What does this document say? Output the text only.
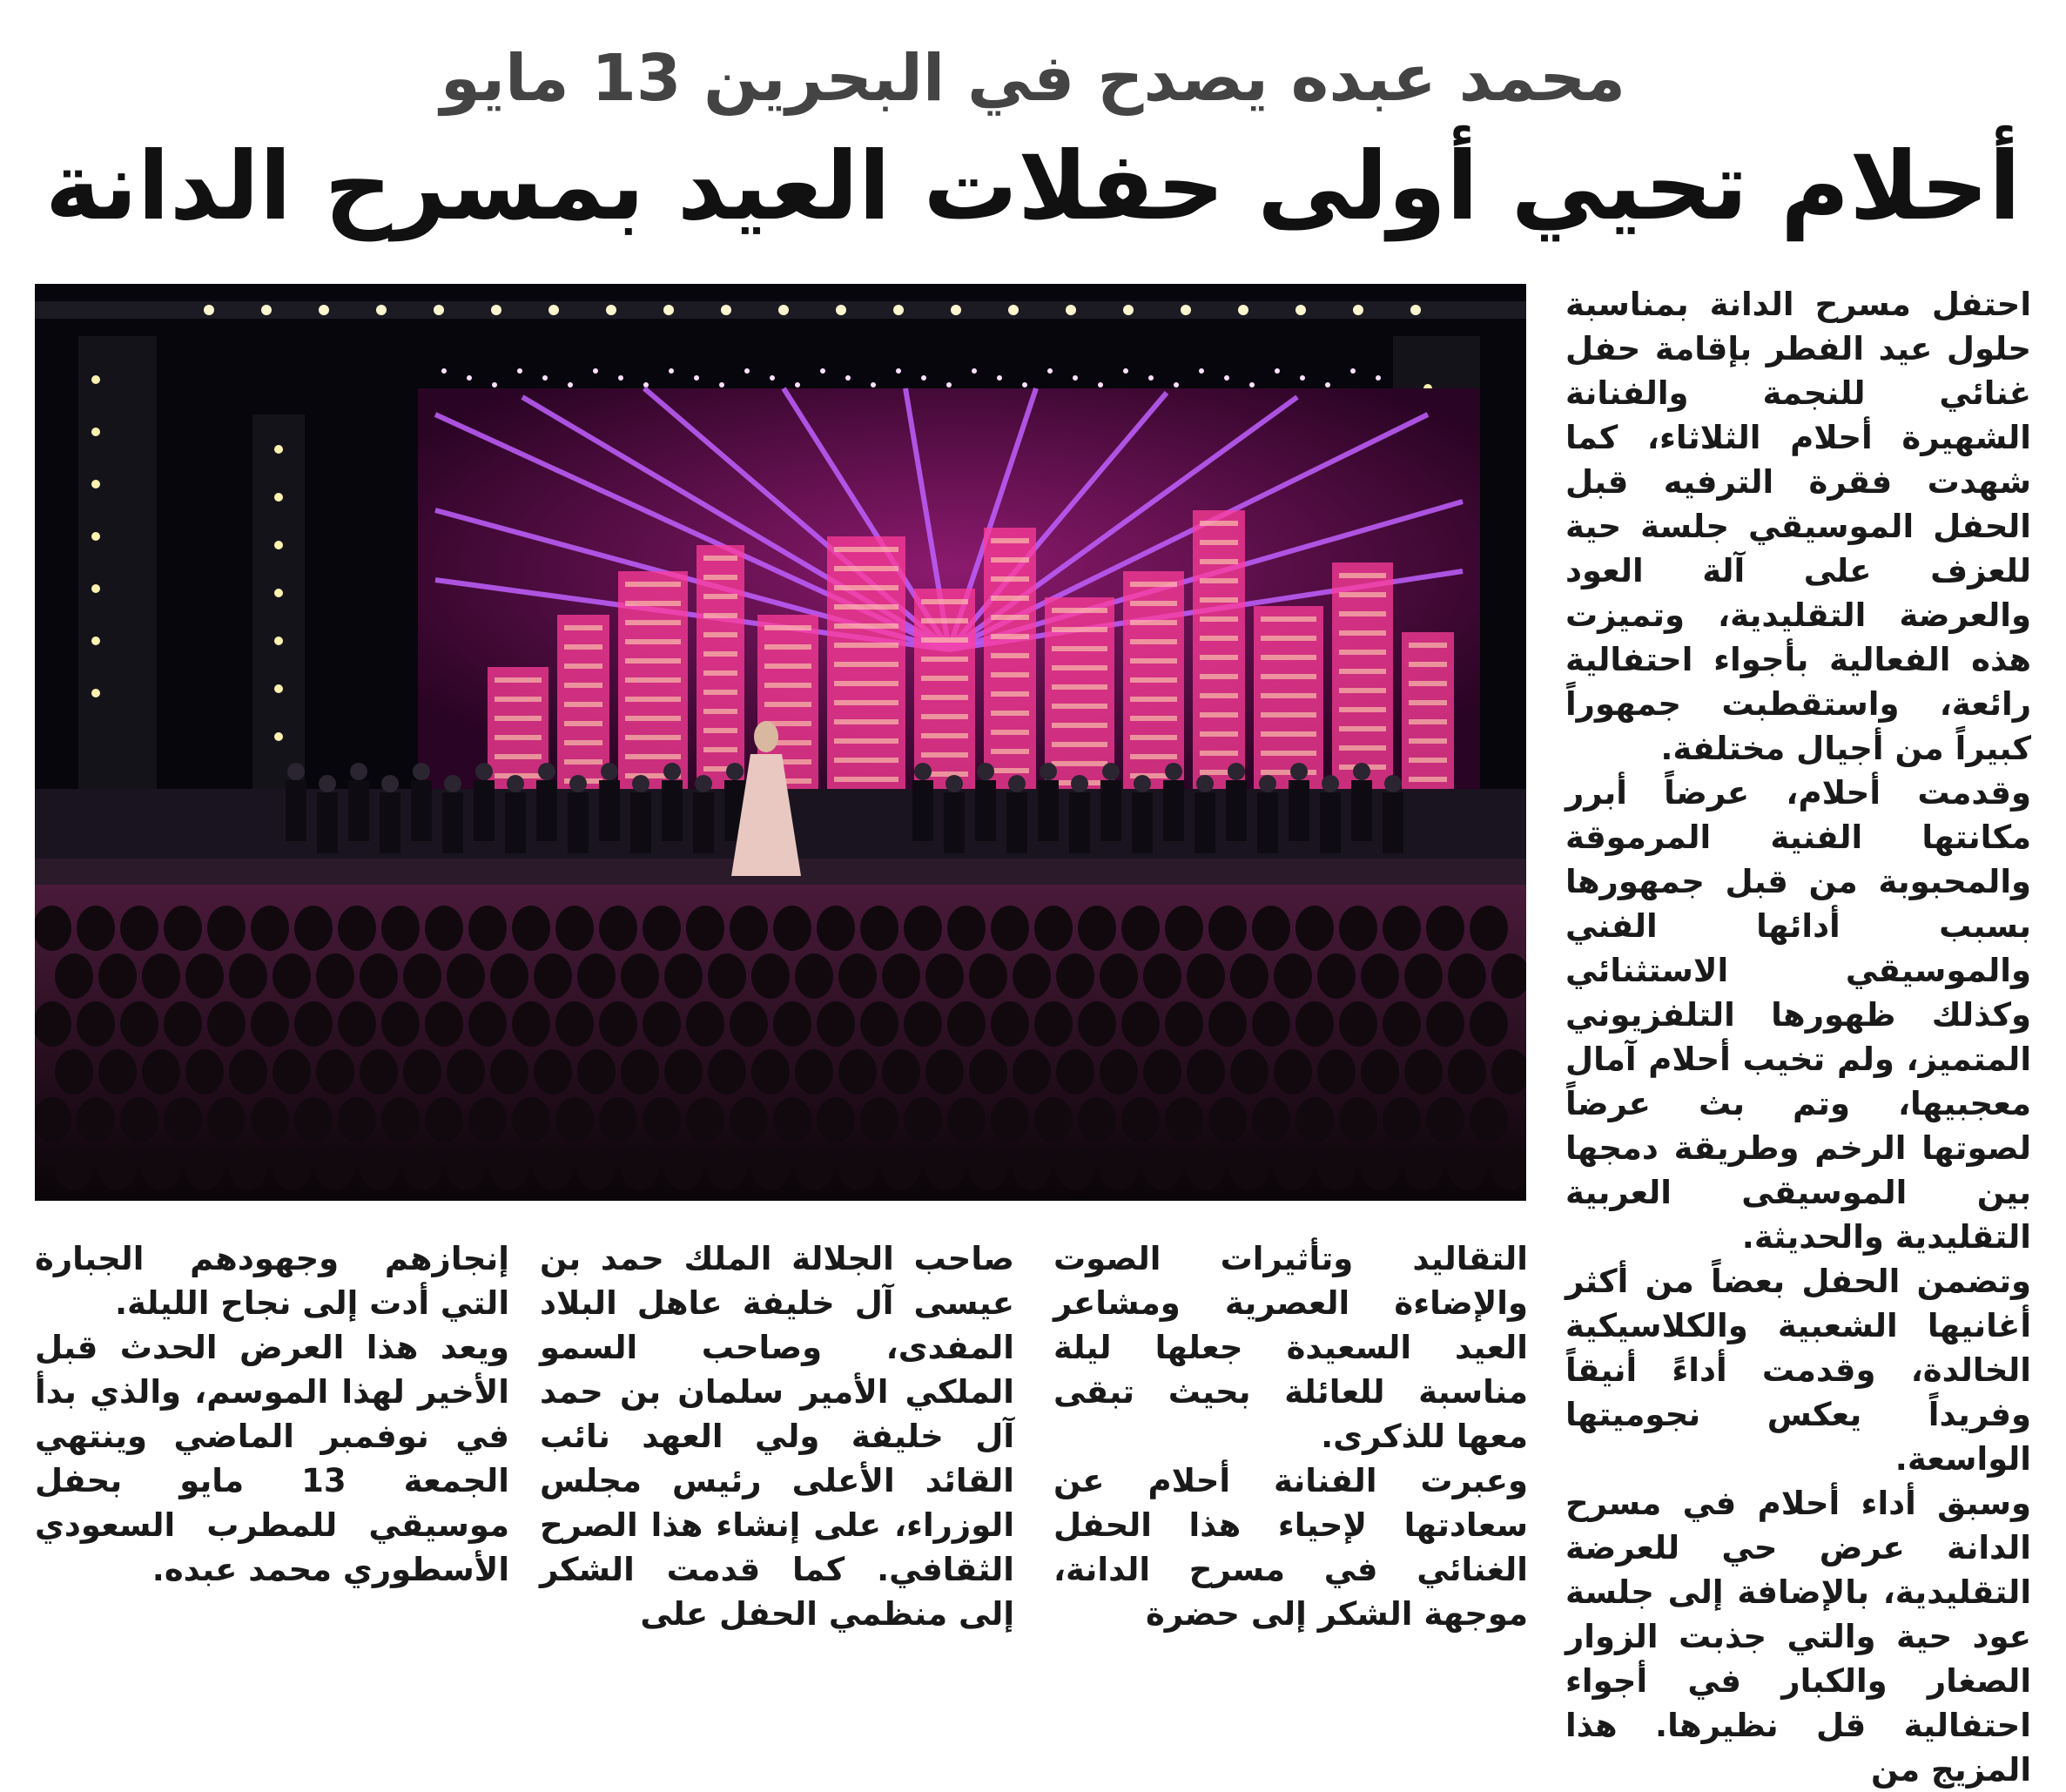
محمد عبده يصدح في البحرين 13 مايو
أحلام تحيي أولى حفلات العيد بمسرح الدانة

احتفل مسرح الدانة بمناسبة حلول عيد الفطر بإقامة حفل غنائي للنجمة والفنانة الشهيرة أحلام الثلاثاء، كما شهدت فقرة الترفيه قبل الحفل الموسيقي جلسة حية للعزف على آلة العود والعرضة التقليدية، وتميزت هذه الفعالية بأجواء احتفالية رائعة، واستقطبت جمهوراً كبيراً من أجيال مختلفة.

وقدمت أحلام، عرضاً أبرر مكانتها الفنية المرموقة والمحبوبة من قبل جمهورها بسبب أدائها الفني والموسيقي الاستثنائي وكذلك ظهورها التلفزيوني المتميز، ولم تخيب أحلام آمال معجبيها، وتم بث عرضاً لصوتها الرخم وطريقة دمجها بين الموسيقى العربية التقليدية والحديثة.

وتضمن الحفل بعضاً من أكثر أغانيها الشعبية والكلاسيكية الخالدة، وقدمت أداءً أنيقاً وفريداً يعكس نجوميتها الواسعة.

وسبق أداء أحلام في مسرح الدانة عرض حي للعرضة التقليدية، بالإضافة إلى جلسة عود حية والتي جذبت الزوار الصغار والكبار في أجواء احتفالية قل نظيرها. هذا المزيج من

التقاليد وتأثيرات الصوت والإضاءة العصرية ومشاعر العيد السعيدة جعلها ليلة مناسبة للعائلة بحيث تبقى معها للذكرى.

وعبرت الفنانة أحلام عن سعادتها لإحياء هذا الحفل الغنائي في مسرح الدانة، موجهة الشكر إلى حضرة

صاحب الجلالة الملك حمد بن عيسى آل خليفة عاهل البلاد المفدى، وصاحب السمو الملكي الأمير سلمان بن حمد آل خليفة ولي العهد نائب القائد الأعلى رئيس مجلس الوزراء، على إنشاء هذا الصرح الثقافي. كما قدمت الشكر إلى منظمي الحفل على

إنجازهم وجهودهم الجبارة التي أدت إلى نجاح الليلة.

ويعد هذا العرض الحدث قبل الأخير لهذا الموسم، والذي بدأ في نوفمبر الماضي وينتهي الجمعة 13 مايو بحفل موسيقي للمطرب السعودي الأسطوري محمد عبده.
